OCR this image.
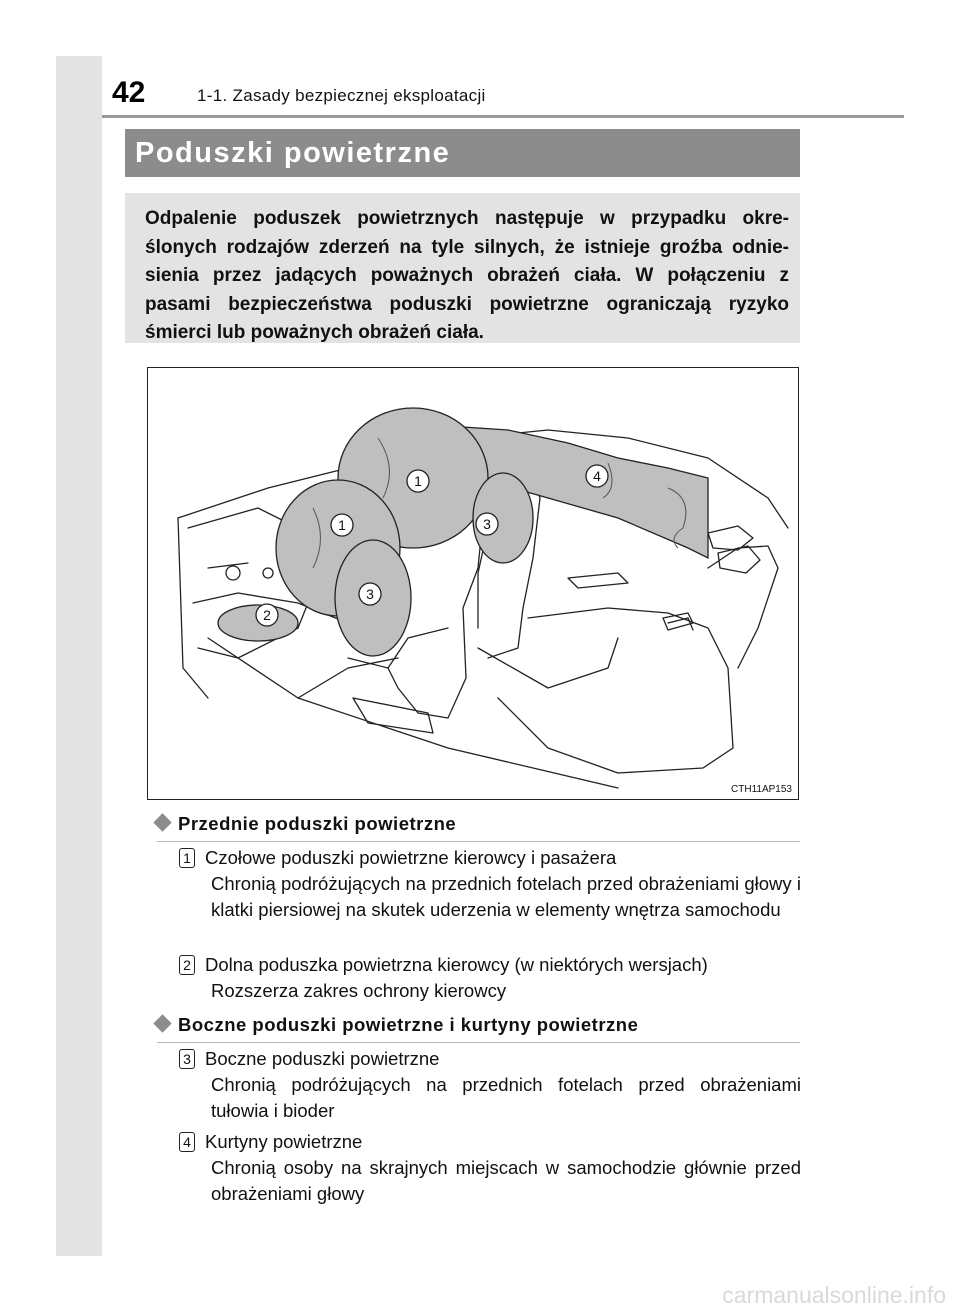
42	1-1. Zasady bezpiecznej eksploatacji
Poduszki powietrzne

Odpalenie poduszek powietrznych następuje w przypadku okre-ślonych rodzajów zderzeń na tyle silnych, że istnieje groźba odnie-sienia przez jadących poważnych obrażeń ciała. W połączeniu z pasami bezpieczeństwa poduszki powietrzne ograniczają ryzyko śmierci lub poważnych obrażeń ciała.

1
1
2
3
3
4
CTH11AP153
Przednie poduszki powietrzne
1 Czołowe poduszki powietrzne kierowcy i pasażera
Chronią podróżujących na przednich fotelach przed obrażeniami głowy i klatki piersiowej na skutek uderzenia w elementy wnętrza samochodu
2 Dolna poduszka powietrzna kierowcy (w niektórych wersjach)
Rozszerza zakres ochrony kierowcy
Boczne poduszki powietrzne i kurtyny powietrzne
3 Boczne poduszki powietrzne
Chronią podróżujących na przednich fotelach przed obrażeniami tułowia i bioder
4 Kurtyny powietrzne
Chronią osoby na skrajnych miejscach w samochodzie głównie przed obrażeniami głowy
carmanualsonline.info
